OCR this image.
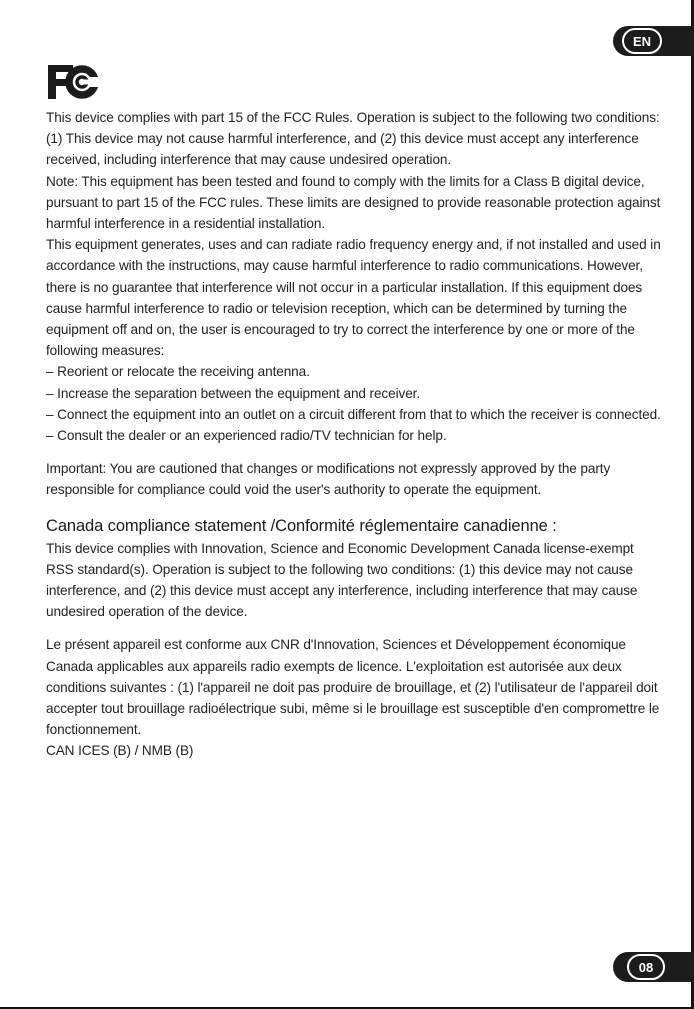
EN

This device complies with part 15 of the FCC Rules. Operation is subject to the following two conditions: (1) This device may not cause harmful interference, and (2) this device must accept any interference received, including interference that may cause undesired operation.

Note: This equipment has been tested and found to comply with the limits for a Class B digital device, pursuant to part 15 of the FCC rules. These limits are designed to provide reasonable protection against harmful interference in a residential installation.

This equipment generates, uses and can radiate radio frequency energy and, if not installed and used in accordance with the instructions, may cause harmful interference to radio communications. However, there is no guarantee that interference will not occur in a particular installation. If this equipment does cause harmful interference to radio or television reception, which can be determined by turning the equipment off and on, the user is encouraged to try to correct the interference by one or more of the following measures:

– Reorient or relocate the receiving antenna.

– Increase the separation between the equipment and receiver.

– Connect the equipment into an outlet on a circuit different from that to which the receiver is connected.

– Consult the dealer or an experienced radio/TV technician for help.

Important: You are cautioned that changes or modifications not expressly approved by the party responsible for compliance could void the user's authority to operate the equipment.

Canada compliance statement /Conformité réglementaire canadienne :

This device complies with Innovation, Science and Economic Development Canada license-exempt RSS standard(s). Operation is subject to the following two conditions: (1) this device may not cause interference, and (2) this device must accept any interference, including interference that may cause undesired operation of the device.

Le présent appareil est conforme aux CNR d'Innovation, Sciences et Développement économique Canada applicables aux appareils radio exempts de licence. L'exploitation est autorisée aux deux conditions suivantes : (1) l'appareil ne doit pas produire de brouillage, et (2) l'utilisateur de l'appareil doit accepter tout brouillage radioélectrique subi, même si le brouillage est susceptible d'en compromettre le fonctionnement.

CAN ICES (B) / NMB (B)

08
